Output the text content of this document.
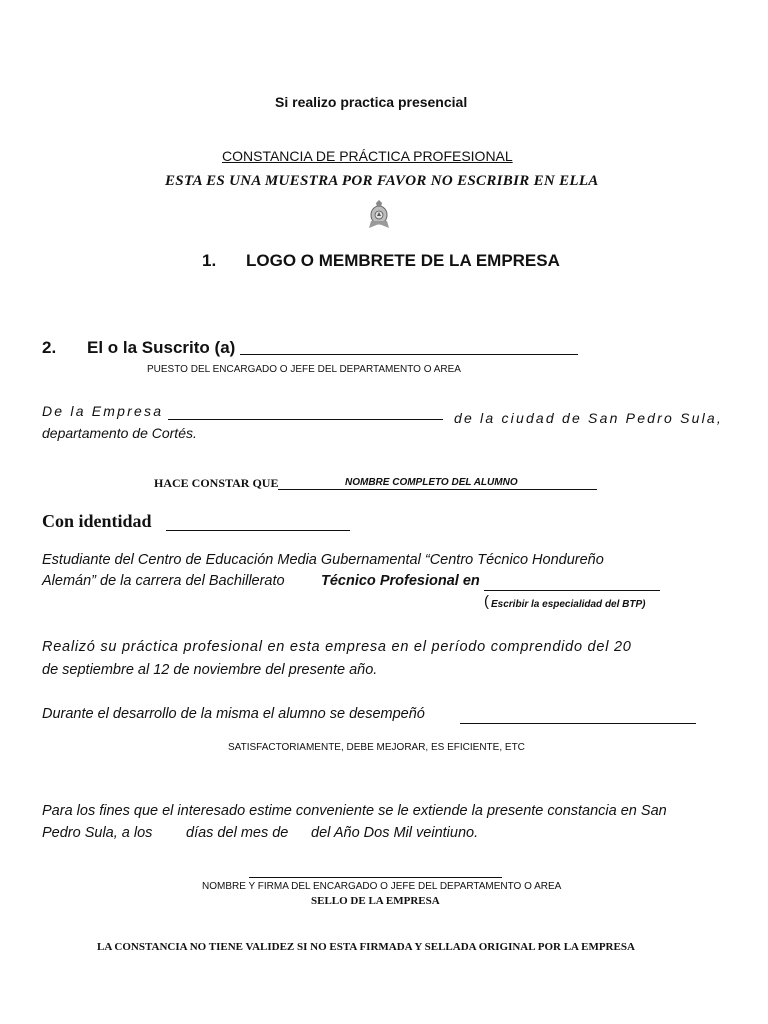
Si realizo practica presencial
CONSTANCIA DE PRÁCTICA PROFESIONAL
ESTA ES UNA MUESTRA POR FAVOR NO ESCRIBIR EN ELLA
1. LOGO O MEMBRETE DE LA EMPRESA
2. El o la Suscrito (a)
PUESTO DEL ENCARGADO O JEFE DEL DEPARTAMENTO O AREA
De la Empresa	de la ciudad de San Pedro Sula,
departamento de Cortés.
HACE CONSTAR QUE	NOMBRE COMPLETO DEL ALUMNO
Con identidad
Estudiante del Centro de Educación Media Gubernamental “Centro Técnico Hondureño
Alemán” de la carrera del Bachillerato	Técnico Profesional en
( Escribir la especialidad del BTP)
Realizó su práctica profesional en esta empresa en el período comprendido del 20
de septiembre al 12 de noviembre del presente año.
Durante el desarrollo de la misma el alumno se desempeñó
SATISFACTORIAMENTE, DEBE MEJORAR, ES EFICIENTE, ETC
Para los fines que el interesado estime conveniente se le extiende la presente constancia en San
Pedro Sula, a los días del mes de del Año Dos Mil veintiuno.
NOMBRE Y FIRMA DEL ENCARGADO O JEFE DEL DEPARTAMENTO O AREA
SELLO DE LA EMPRESA
LA CONSTANCIA NO TIENE VALIDEZ SI NO ESTA FIRMADA Y SELLADA ORIGINAL POR LA EMPRESA
